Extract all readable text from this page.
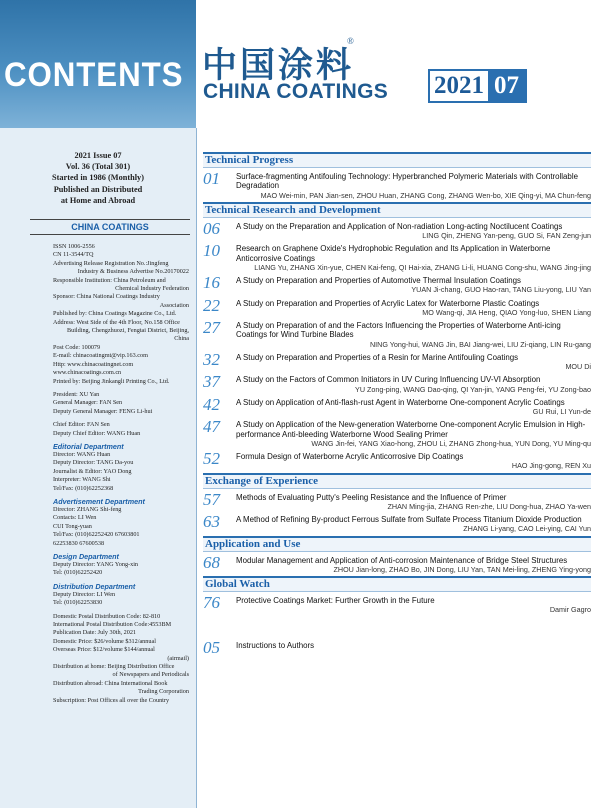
CONTENTS 中国涂料
®
CHINA COATINGS 2021 07
2021 Issue 07
Vol. 36 (Total 301)
Started in 1986 (Monthly)
Published an Distributed
at Home and Abroad
CHINA COATINGS
ISSN 1006-2556
CN 11-3544/TQ
Advertising Release Registration No.:Jingfeng
Industry & Business Advertise No.20170022
Responsible Institution: China Petroleum and
Chemical Industry Federation
Sponsor: China National Coatings Industry
Association
Published by: China Coatings Magazine Co., Ltd.
Address: West Side of the 4th Floor, No.158 Office
Building, Chengzhuozi, Fengtai District, Beijing,
China
Post Code: 100079
E-mail: chinacoatingmt@vip.163.com
Http: www.chinacoatingnet.com
www.chinacoatings.com.cn
Printed by: Beijing Jinkangli Printing Co., Ltd.
President: XU Yan
General Manager: FAN Sen
Deputy General Manager: FENG Li-hui
Chief Editor: FAN Sen
Deputy Chief Editor: WANG Huan
Editorial Department
Director: WANG Huan
Deputy Director: TANG Da-you
Journalist & Editor: YAO Dong
Interpreter: WANG Shi
Tel/Fax: (010)62252368
Advertisement Department
Director: ZHANG Shi-feng
Contacts: LI Wen
CUI Tong-yuan
Tel/Fax: (010)62252420 67603801
62253830 67600538
Design Department
Deputy Director: YANG Yong-xin
Tel: (010)62252420
Distribution Department
Deputy Director: LI Wen
Tel: (010)62253830
Domestic Postal Distribution Code: 82-810
International Postal Distribution Code:4553BM
Publication Date: July 30th, 2021
Domestic Price: $26/volume $312/annual
Overseas Price: $12/volume $144/annual
(airmail)
Distribution at home: Beijing Distribution Office
of Newspapers and Periodicals
Distribution abroad: China International Book
Trading Corporation
Subscription: Post Offices all over the Country
Technical Progress
01 Surface-fragmenting Antifouling Technology: Hyperbranched Polymeric Materials with Controllable Degradation
MAO Wei-min, PAN Jian-sen, ZHOU Huan, ZHANG Cong, ZHANG Wen-bo, XIE Qing-yi, MA Chun-feng
Technical Research and Development
06 A Study on the Preparation and Application of Non-radiation Long-acting Noctilucent Coatings
LING Qin, ZHENG Yan-peng, GUO Si, FAN Zeng-jun
10 Research on Graphene Oxide's Hydrophobic Regulation and Its Application in Waterborne Anticorrosive Coatings
LIANG Yu, ZHANG Xin-yue, CHEN Kai-feng, QI Hai-xia, ZHANG Li-li, HUANG Cong-shu, WANG Jing-jing
16 A Study on Preparation and Properties of Automotive Thermal Insulation Coatings
YUAN Ji-chang, GUO Hao-ran, TANG Liu-yong, LIU Yan
22 A Study on Preparation and Properties of Acrylic Latex for Waterborne Plastic Coatings
MO Wang-qi, JIA Heng, QIAO Yong-luo, SHEN Liang
27 A Study on Preparation of and the Factors Influencing the Properties of Waterborne Anti-icing Coatings for Wind Turbine Blades
NING Yong-hui, WANG Jin, BAI Jiang-wei, LIU Zi-qiang, LIN Ru-gang
32 A Study on Preparation and Properties of a Resin for Marine Antifouling Coatings
MOU Di
37 A Study on the Factors of Common Initiators in UV Curing Influencing UV-VI Absorption
YU Zong-ping, WANG Dao-qing, QI Yan-jin, YANG Peng-fei, YU Zong-bao
42 A Study on Application of Anti-flash-rust Agent in Waterborne One-component Acrylic Coatings
GU Rui, LI Yun-de
47 A Study on Application of the New-generation Waterborne One-component Acrylic Emulsion in High-performance Anti-bleeding Waterborne Wood Sealing Primer
WANG Jin-fei, YANG Xiao-hong, ZHOU Li, ZHANG Zhong-hua, YUN Dong, YU Ming-qu
52 Formula Design of Waterborne Acrylic Anticorrosive Dip Coatings
HAO Jing-gong, REN Xu
Exchange of Experience
57 Methods of Evaluating Putty's Peeling Resistance and the Influence of Primer
ZHAN Ming-jia, ZHANG Ren-zhe, LIU Dong-hua, ZHAO Ya-wen
63 A Method of Refining By-product Ferrous Sulfate from Sulfate Process Titanium Dioxide Production
ZHANG Li-yang, CAO Lei-ying, CAI Yun
Application and Use
68 Modular Management and Application of Anti-corrosion Maintenance of Bridge Steel Structures
ZHOU Jian-long, ZHAO Bo, JIN Dong, LIU Yan, TAN Mei-ling, ZHENG Ying-yong
Global Watch
76 Protective Coatings Market: Further Growth in the Future
Damir Gagro
05 Instructions to Authors
